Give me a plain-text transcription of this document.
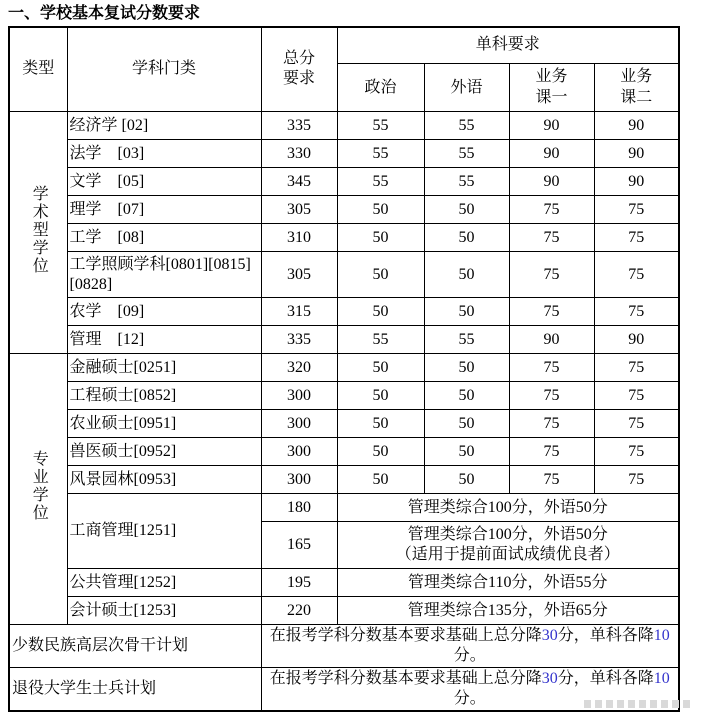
一、学校基本复试分数要求
类型	学科门类	总分要求	单科要求			
			政治	外语	业务课一	业务课二
学术型学位	经济学 [02]	335	55	55	90	90
	法学　[03]	330	55	55	90	90
	文学　[05]	345	55	55	90	90
	理学　[07]	305	50	50	75	75
	工学　[08]	310	50	50	75	75
	工学照顾学科[0801][0815][0828]	305	50	50	75	75
	农学　[09]	315	50	50	75	75
	管理　[12]	335	55	55	90	90
专业学位	金融硕士[0251]	320	50	50	75	75
	工程硕士[0852]	300	50	50	75	75
	农业硕士[0951]	300	50	50	75	75
	兽医硕士[0952]	300	50	50	75	75
	风景园林[0953]	300	50	50	75	75
	工商管理[1251]	180	管理类综合100分，外语50分			
		165	管理类综合100分，外语50分
（适用于提前面试成绩优良者）			

	公共管理[1252]	195	管理类综合110分，外语55分			
	会计硕士[1253]	220	管理类综合135分，外语65分			
少数民族高层次骨干计划		在报考学科分数基本要求基础上总分降30分，单科各降10分。				
退役大学生士兵计划		在报考学科分数基本要求基础上总分降30分，单科各降10分。				
